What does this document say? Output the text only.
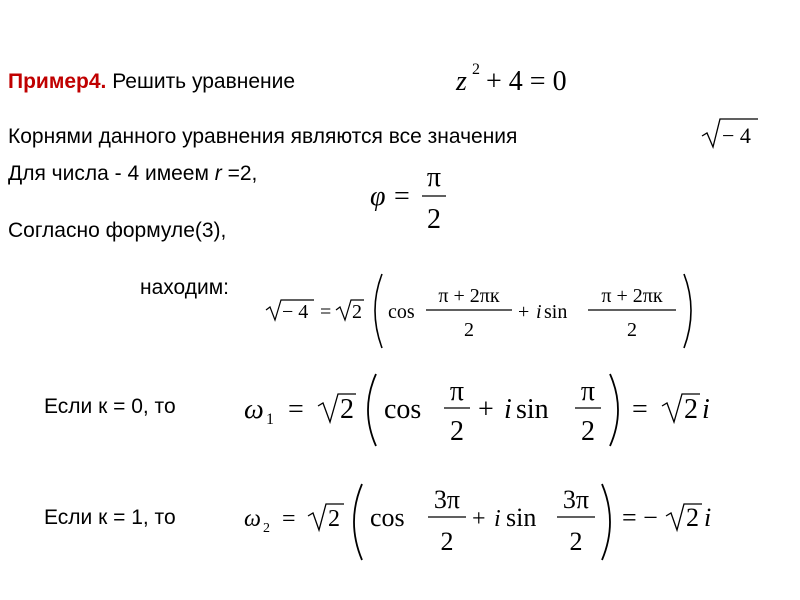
Пример4. Решить уравнение	z 2 + 4 = 0
Корнями данного уравнения являются все значения	− 4
Для числа - 4 имеем r =2,
φ =
π
2
Согласно формуле(3),
находим:
− 4 = 2 cos
π + 2πк
2
+ i sin
π + 2πк
2
Если к = 0, то ω 1 = 2 cos
π
2
+ i sin
π
2
= 2 i
Если к = 1, то	ω 2 = 2 cos
3π
2
+ i sin
3π
2
= − 2 i
